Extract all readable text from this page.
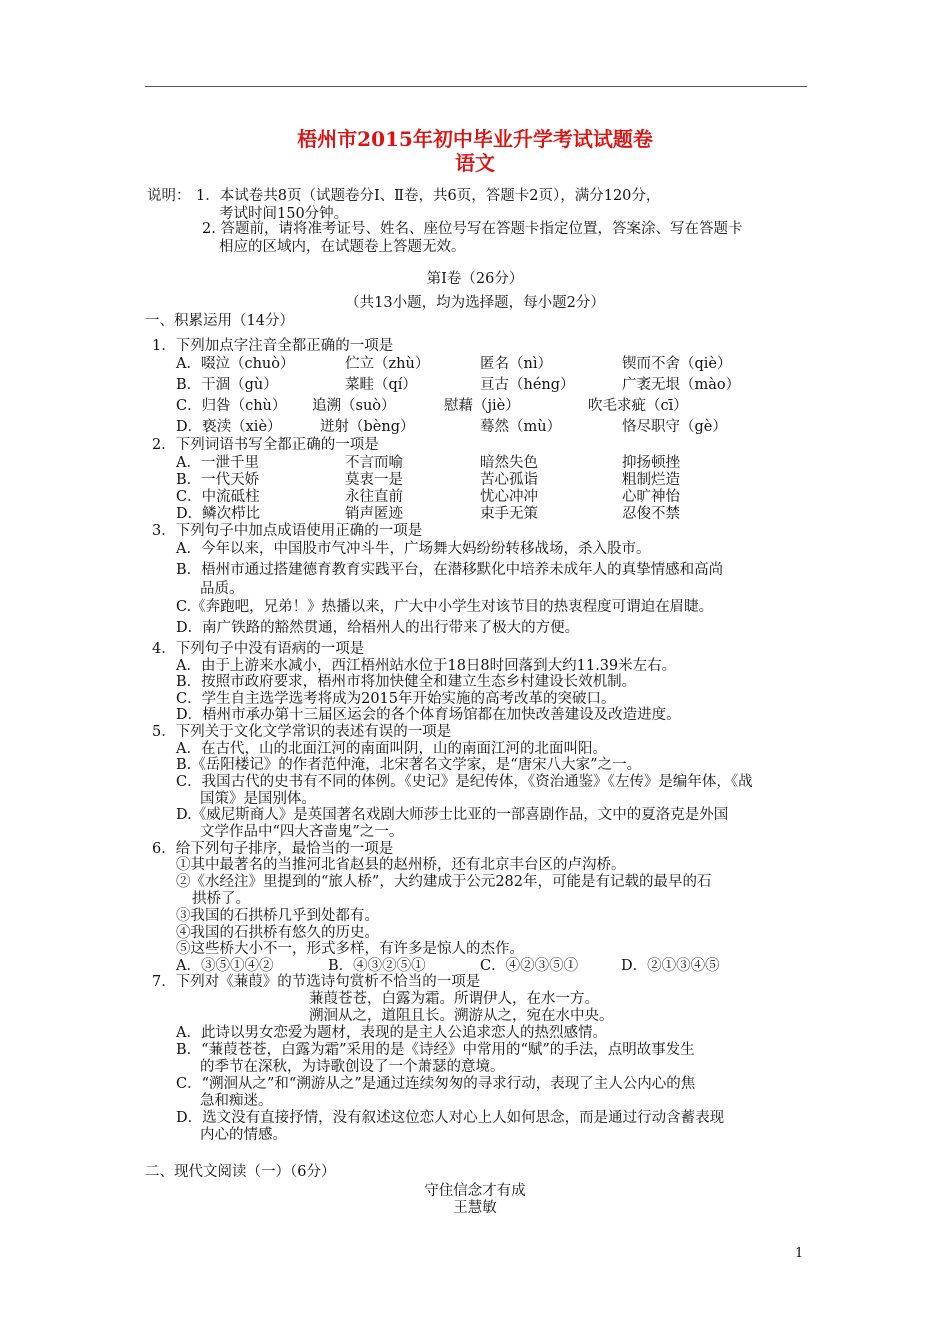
梧州市2015年初中毕业升学考试试题卷
语文
说明： 1．本试卷共8页（试题卷分Ⅰ、Ⅱ卷，共6页，答题卡2页），满分120分，
考试时间150分钟。
2. 答题前，请将准考证号、姓名、座位号写在答题卡指定位置，答案涂、写在答题卡
相应的区域内，在试题卷上答题无效。
第Ⅰ卷（26分）
（共13小题，均为选择题，每小题2分）
一、积累运用（14分）
1．下列加点字注音全都正确的一项是
A．啜泣（chuò）	伫立（zhù）	匿名（nì）	锲而不舍（qiè）
B．干涸（gù）	菜畦（qí）	亘古（héng）	广袤无垠（mào）
C．归咎（chù） 追溯（suò）	慰藉（jiè）	吹毛求疵（cī）
D．亵渎（xiè）	迸射（bèng）	蓦然（mù）	恪尽职守（gè）
2．下列词语书写全都正确的一项是
A．一泄千里	不言而喻	暗然失色	抑扬顿挫
B．一代天娇	莫衷一是	苦心孤诣	粗制烂造
C．中流砥柱	永往直前	忧心冲冲	心旷神怡
D．鳞次栉比	销声匿迹	束手无策	忍俊不禁
3．下列句子中加点成语使用正确的一项是
A．今年以来，中国股市气冲斗牛，广场舞大妈纷纷转移战场，杀入股市。
B．梧州市通过搭建德育教育实践平台，在潜移默化中培养未成年人的真挚情感和高尚
品质。
C.《奔跑吧，兄弟！》热播以来，广大中小学生对该节目的热衷程度可谓迫在眉睫。
D．南广铁路的豁然贯通，给梧州人的出行带来了极大的方便。
4．下列句子中没有语病的一项是
A．由于上游来水减小，西江梧州站水位于18日8时回落到大约11.39米左右。
B．按照市政府要求，梧州市将加快健全和建立生态乡村建设长效机制。
C．学生自主选学选考将成为2015年开始实施的高考改革的突破口。
D．梧州市承办第十三届区运会的各个体育场馆都在加快改善建设及改造进度。
5．下列关于文化文学常识的表述有误的一项是
A．在古代，山的北面江河的南面叫阴，山的南面江河的北面叫阳。
B.《岳阳楼记》的作者范仲淹，北宋著名文学家，是“唐宋八大家”之一。
C．我国古代的史书有不同的体例。《史记》是纪传体，《资治通鉴》《左传》是编年体，《战
国策》是国别体。
D.《威尼斯商人》是英国著名戏剧大师莎士比亚的一部喜剧作品，文中的夏洛克是外国
文学作品中“四大吝啬鬼”之一。
6．给下列句子排序，最恰当的一项是
①其中最著名的当推河北省赵县的赵州桥，还有北京丰台区的卢沟桥。
②《水经注》里提到的“旅人桥”，大约建成于公元282年，可能是有记载的最早的石
拱桥了。
③我国的石拱桥几乎到处都有。
④我国的石拱桥有悠久的历史。
⑤这些桥大小不一，形式多样，有许多是惊人的杰作。
A．③⑤①④②	B．④③②⑤①	C．④②③⑤①	D．②①③④⑤
7．下列对《蒹葭》的节选诗句赏析不恰当的一项是
蒹葭苍苍，白露为霜。所谓伊人，在水一方。
溯洄从之，道阻且长。溯游从之，宛在水中央。
A．此诗以男女恋爱为题材，表现的是主人公追求恋人的热烈感情。
B．“蒹葭苍苍，白露为霜”采用的是《诗经》中常用的“赋”的手法，点明故事发生
的季节在深秋，为诗歌创设了一个萧瑟的意境。
C．“溯洄从之”和“溯游从之”是通过连续匆匆的寻求行动，表现了主人公内心的焦
急和痴迷。
D．选文没有直接抒情，没有叙述这位恋人对心上人如何思念，而是通过行动含蓄表现
内心的情感。
二、现代文阅读（一）（6分）
守住信念才有成
王慧敏
1
